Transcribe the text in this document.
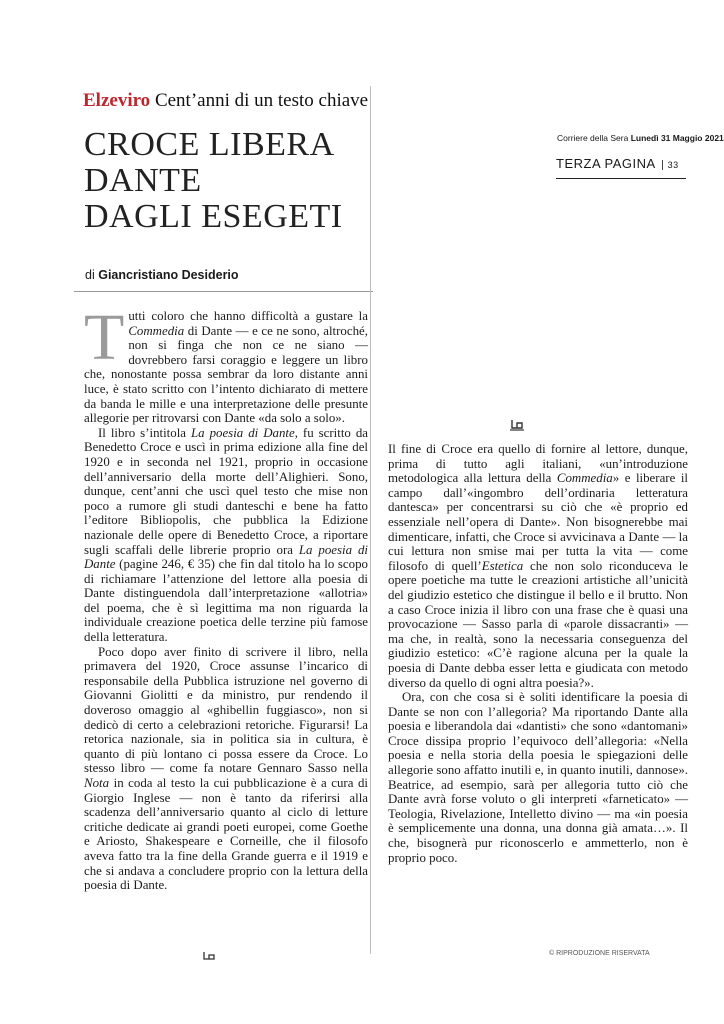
Elzeviro Cent’anni di un testo chiave
CROCE LIBERA
DANTE
DAGLI ESEGETI
di Giancristiano Desiderio
Corriere della Sera Lunedì 31 Maggio 2021
TERZA PAGINA 33

Tutti coloro che hanno difficoltà a gustare la Commedia di Dante — e ce ne sono, altroché, non si finga che non ce ne siano — dovrebbero farsi coraggio e leggere un libro che, nonostante possa sembrar da loro distante anni luce, è stato scritto con l’intento dichiarato di mettere da banda le mille e una interpretazione delle presunte allegorie per ritrovarsi con Dante «da solo a solo».

Il libro s’intitola La poesia di Dante, fu scritto da Benedetto Croce e uscì in prima edizione alla fine del 1920 e in seconda nel 1921, proprio in occasione dell’anniversario della morte dell’Alighieri. Sono, dunque, cent’anni che uscì quel testo che mise non poco a rumore gli studi danteschi e bene ha fatto l’editore Bibliopolis, che pubblica la Edizione nazionale delle opere di Benedetto Croce, a riportare sugli scaffali delle librerie proprio ora La poesia di Dante (pagine 246, € 35) che fin dal titolo ha lo scopo di richiamare l’attenzione del lettore alla poesia di Dante distinguendola dall’interpretazione «allotria» del poema, che è sì legittima ma non riguarda la individuale creazione poetica delle terzine più famose della letteratura.

Poco dopo aver finito di scrivere il libro, nella primavera del 1920, Croce assunse l’incarico di responsabile della Pubblica istruzione nel governo di Giovanni Giolitti e da ministro, pur rendendo il doveroso omaggio al «ghibellin fuggiasco», non si dedicò di certo a celebrazioni retoriche. Figurarsi! La retorica nazionale, sia in politica sia in cultura, è quanto di più lontano ci possa essere da Croce. Lo stesso libro — come fa notare Gennaro Sasso nella Nota in coda al testo la cui pubblicazione è a cura di Giorgio Inglese — non è tanto da riferirsi alla scadenza dell’anniversario quanto al ciclo di letture critiche dedicate ai grandi poeti europei, come Goethe e Ariosto, Shakespeare e Corneille, che il filosofo aveva fatto tra la fine della Grande guerra e il 1919 e che si andava a concludere proprio con la lettura della poesia di Dante.

Il fine di Croce era quello di fornire al lettore, dunque, prima di tutto agli italiani, «un’introduzione metodologica alla lettura della Commedia» e liberare il campo dall’«ingombro dell’ordinaria letteratura dantesca» per concentrarsi su ciò che «è proprio ed essenziale nell’opera di Dante». Non bisognerebbe mai dimenticare, infatti, che Croce si avvicinava a Dante — la cui lettura non smise mai per tutta la vita — come filosofo di quell’Estetica che non solo riconduceva le opere poetiche ma tutte le creazioni artistiche all’unicità del giudizio estetico che distingue il bello e il brutto. Non a caso Croce inizia il libro con una frase che è quasi una provocazione — Sasso parla di «parole dissacranti» — ma che, in realtà, sono la necessaria conseguenza del giudizio estetico: «C’è ragione alcuna per la quale la poesia di Dante debba esser letta e giudicata con metodo diverso da quello di ogni altra poesia?».

Ora, con che cosa si è soliti identificare la poesia di Dante se non con l’allegoria? Ma riportando Dante alla poesia e liberandola dai «dantisti» che sono «dantomani» Croce dissipa proprio l’equivoco dell’allegoria: «Nella poesia e nella storia della poesia le spiegazioni delle allegorie sono affatto inutili e, in quanto inutili, dannose». Beatrice, ad esempio, sarà per allegoria tutto ciò che Dante avrà forse voluto o gli interpreti «farneticato» — Teologia, Rivelazione, Intelletto divino — ma «in poesia è semplicemente una donna, una donna già amata…». Il che, bisognerà pur riconoscerlo e ammetterlo, non è proprio poco.

© RIPRODUZIONE RISERVATA
